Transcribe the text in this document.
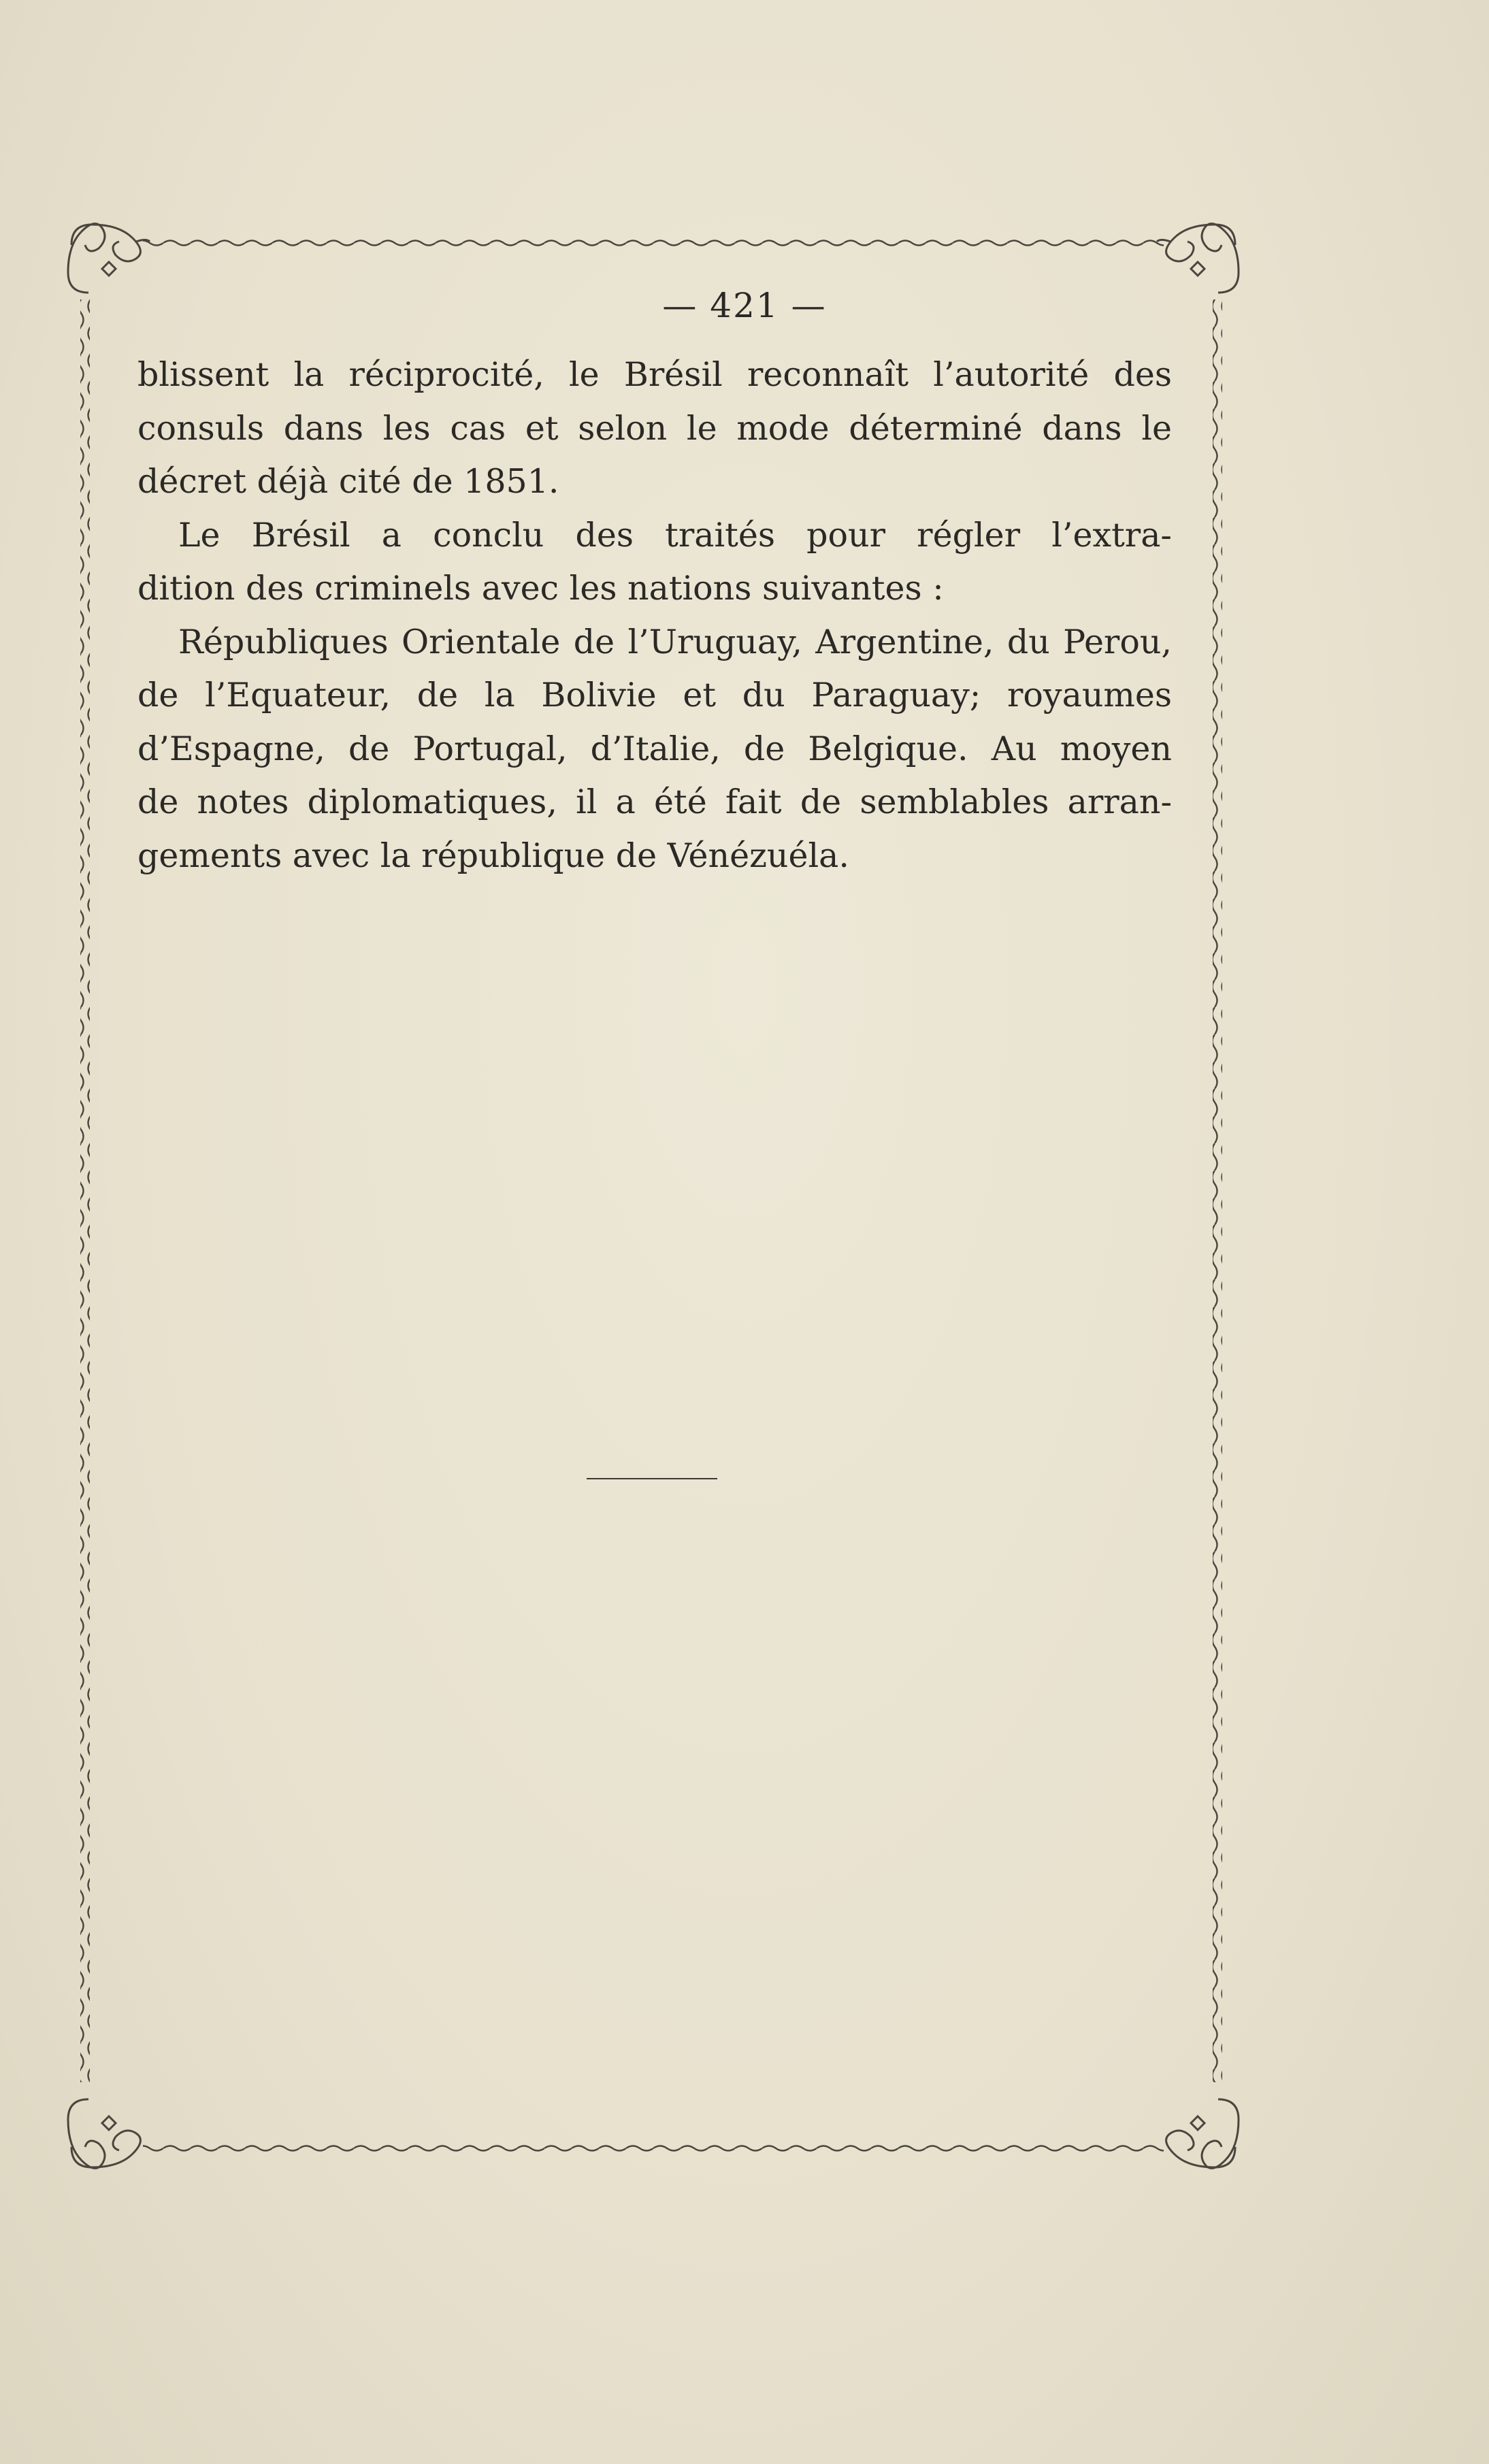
— 421 —
blissent la réciprocité, le Brésil reconnaît l’autorité des
consuls dans les cas et selon le mode déterminé dans le
décret déjà cité de 1851.
Le Brésil a conclu des traités pour régler l’extra-
dition des criminels avec les nations suivantes :
Républiques Orientale de l’Uruguay, Argentine, du Perou,
de l’Equateur, de la Bolivie et du Paraguay; royaumes
d’Espagne, de Portugal, d’Italie, de Belgique. Au moyen
de notes diplomatiques, il a été fait de semblables arran-
gements avec la république de Vénézuéla.
